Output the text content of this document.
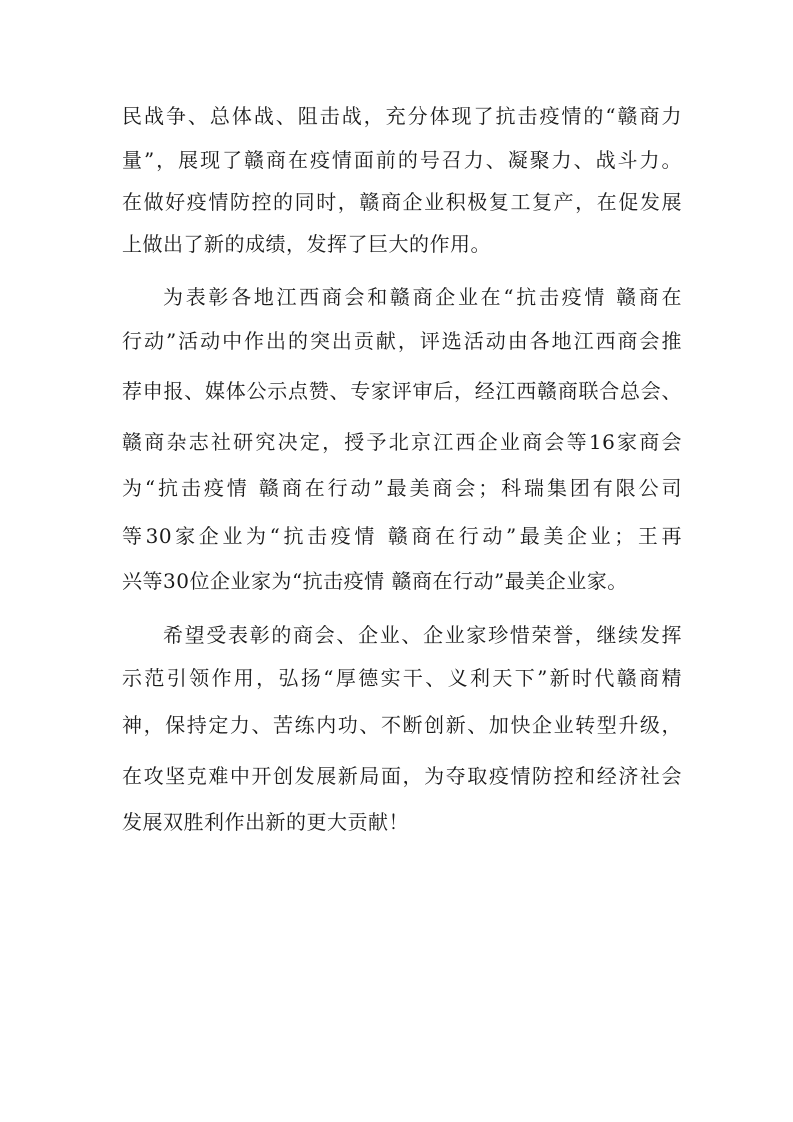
民战争、总体战、阻击战，充分体现了抗击疫情的“赣商力
量”，展现了赣商在疫情面前的号召力、凝聚力、战斗力。
在做好疫情防控的同时，赣商企业积极复工复产，在促发展
上做出了新的成绩，发挥了巨大的作用。
为表彰各地江西商会和赣商企业在“抗击疫情 赣商在
行动”活动中作出的突出贡献，评选活动由各地江西商会推
荐申报、媒体公示点赞、专家评审后，经江西赣商联合总会、
赣商杂志社研究决定，授予北京江西企业商会等16家商会
为“抗击疫情 赣商在行动”最美商会；科瑞集团有限公司
等30家企业为“抗击疫情 赣商在行动”最美企业；王再
兴等30位企业家为“抗击疫情 赣商在行动”最美企业家。
希望受表彰的商会、企业、企业家珍惜荣誉，继续发挥
示范引领作用，弘扬“厚德实干、义利天下”新时代赣商精
神，保持定力、苦练内功、不断创新、加快企业转型升级，
在攻坚克难中开创发展新局面，为夺取疫情防控和经济社会
发展双胜利作出新的更大贡献！
